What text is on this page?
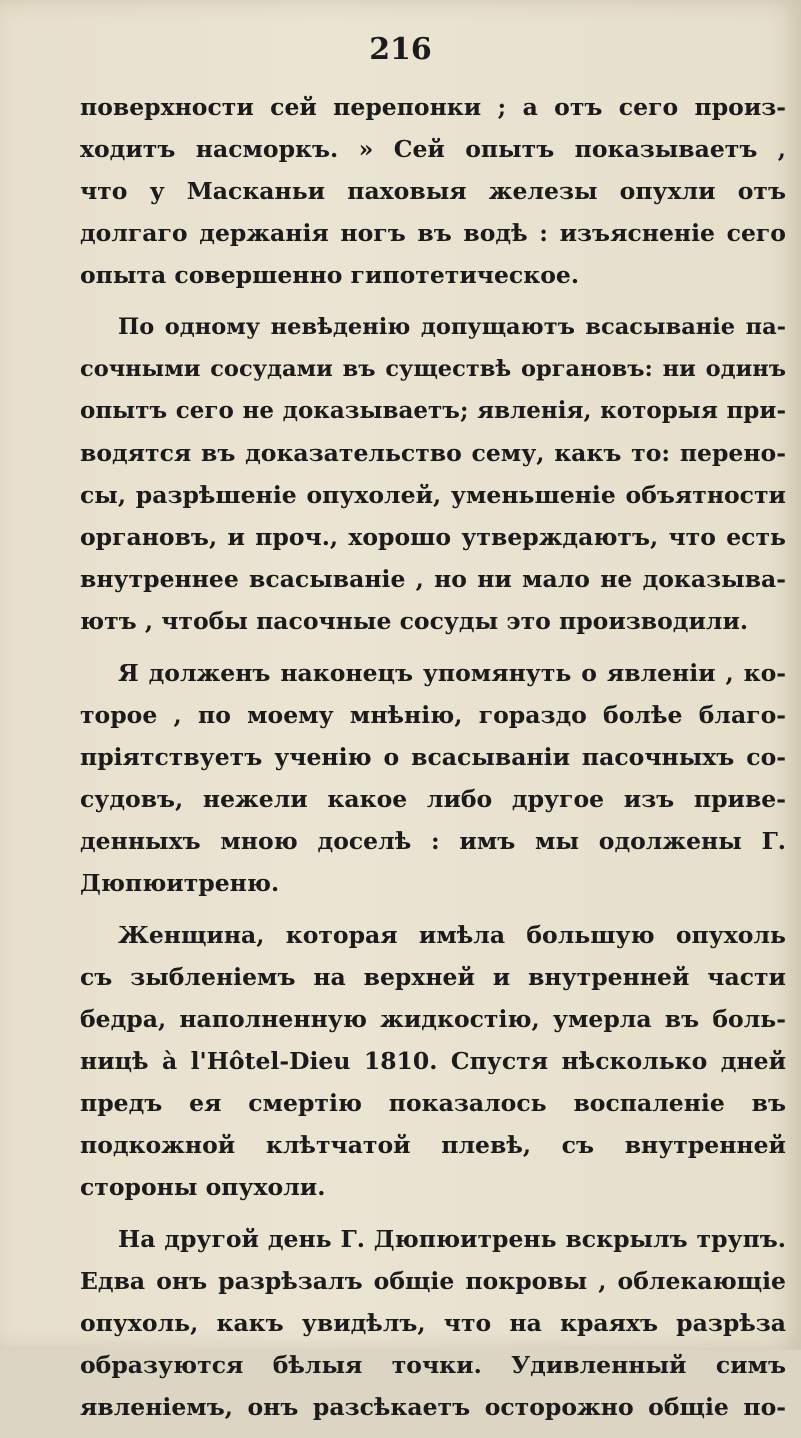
216
поверхности сей перепонки ; а отъ сего произ-
ходитъ насморкъ. » Сей опытъ показываетъ ,
что у Масканьи паховыя железы опухли отъ
долгаго держанія ногъ въ водѣ : изъясненіе сего
опыта совершенно гипотетическое.
По одному невѣденію допущаютъ всасываніе па-
сочными сосудами въ существѣ органовъ: ни одинъ
опытъ сего не доказываетъ; явленія, которыя при-
водятся въ доказательство сему, какъ то: перено-
сы, разрѣшеніе опухолей, уменьшеніе объятности
органовъ, и проч., хорошо утверждаютъ, что есть
внутреннее всасываніе , но ни мало не доказыва-
ютъ , чтобы пасочные сосуды это производили.
Я долженъ наконецъ упомянуть о явленіи , ко-
торое , по моему мнѣнію, гораздо болѣе благо-
пріятствуетъ ученію о всасываніи пасочныхъ со-
судовъ, нежели какое либо другое изъ приве-
денныхъ мною доселѣ : имъ мы одолжены Г.
Дюпюитреню.
Женщина, которая имѣла большую опухоль
съ зыбленіемъ на верхней и внутренней части
бедра, наполненную жидкостію, умерла въ боль-
ницѣ à l'Hôtel-Dieu 1810. Спустя нѣсколько дней
предъ ея смертію показалось воспаленіе въ
подкожной клѣтчатой плевѣ, съ внутренней
стороны опухоли.
На другой день Г. Дюпюитрень вскрылъ трупъ.
Едва онъ разрѣзалъ общіе покровы , облекающіе
опухоль, какъ увидѣлъ, что на краяхъ разрѣза
образуются бѣлыя точки. Удивленный симъ
явленіемъ, онъ разсѣкаетъ осторожно общіе по-
